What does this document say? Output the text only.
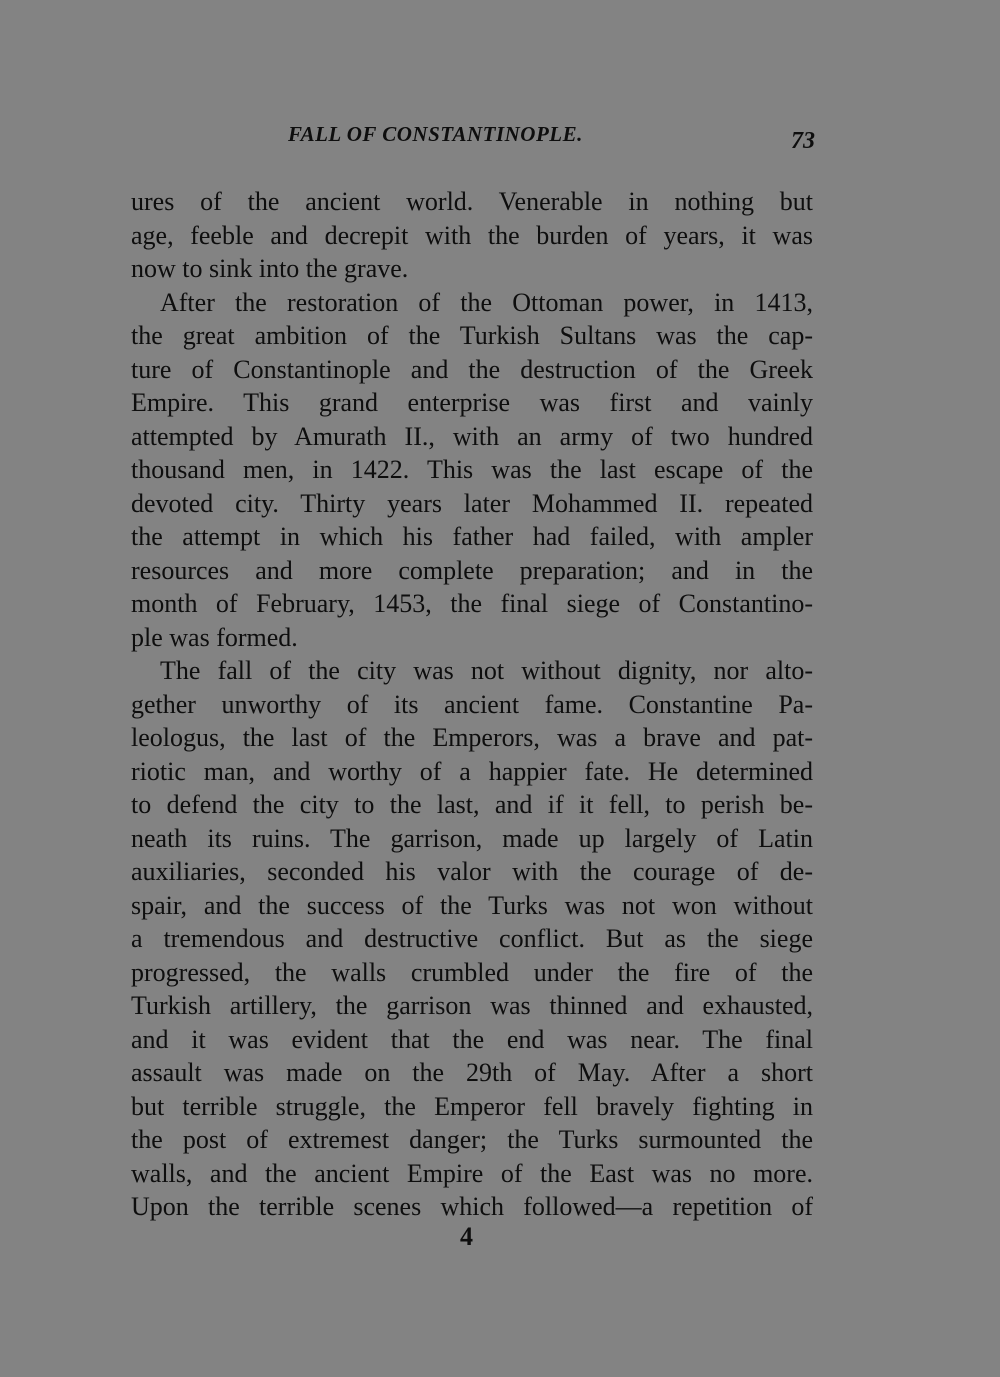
FALL OF CONSTANTINOPLE.	73
ures of the ancient world. Venerable in nothing but
age, feeble and decrepit with the burden of years, it was
now to sink into the grave.
After the restoration of the Ottoman power, in 1413,
the great ambition of the Turkish Sultans was the cap-
ture of Constantinople and the destruction of the Greek
Empire. This grand enterprise was first and vainly
attempted by Amurath II., with an army of two hundred
thousand men, in 1422. This was the last escape of the
devoted city. Thirty years later Mohammed II. repeated
the attempt in which his father had failed, with ampler
resources and more complete preparation; and in the
month of February, 1453, the final siege of Constantino-
ple was formed.
The fall of the city was not without dignity, nor alto-
gether unworthy of its ancient fame. Constantine Pa-
leologus, the last of the Emperors, was a brave and pat-
riotic man, and worthy of a happier fate. He determined
to defend the city to the last, and if it fell, to perish be-
neath its ruins. The garrison, made up largely of Latin
auxiliaries, seconded his valor with the courage of de-
spair, and the success of the Turks was not won without
a tremendous and destructive conflict. But as the siege
progressed, the walls crumbled under the fire of the
Turkish artillery, the garrison was thinned and exhausted,
and it was evident that the end was near. The final
assault was made on the 29th of May. After a short
but terrible struggle, the Emperor fell bravely fighting in
the post of extremest danger; the Turks surmounted the
walls, and the ancient Empire of the East was no more.
Upon the terrible scenes which followed—a repetition of
4
